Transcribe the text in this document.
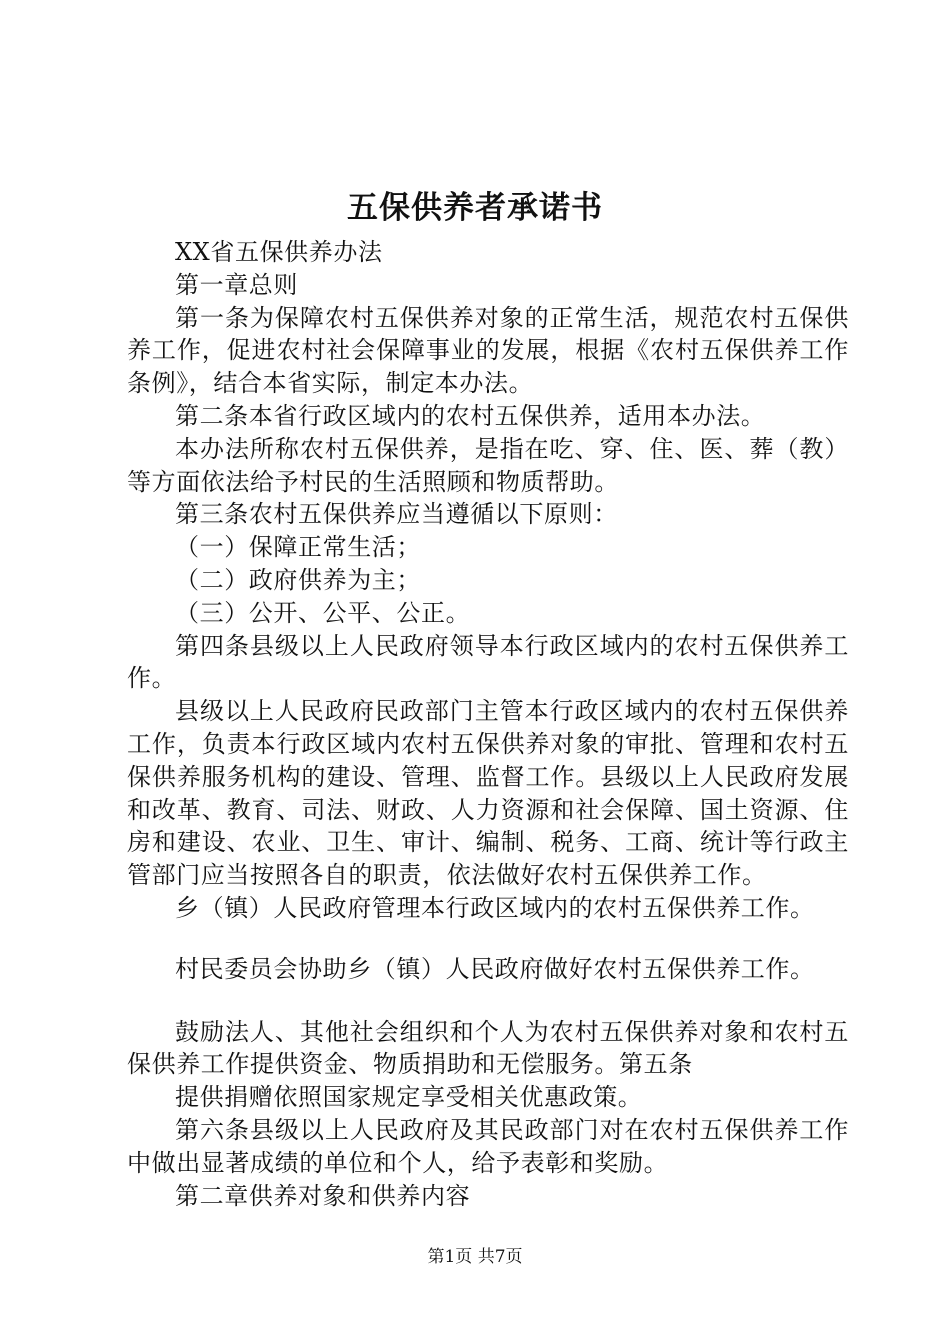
五保供养者承诺书

XX省五保供养办法

第一章总则

第一条为保障农村五保供养对象的正常生活，规范农村五保供养工作，促进农村社会保障事业的发展，根据《农村五保供养工作条例》，结合本省实际，制定本办法。

第二条本省行政区域内的农村五保供养，适用本办法。

本办法所称农村五保供养，是指在吃、穿、住、医、葬（教）等方面依法给予村民的生活照顾和物质帮助。

第三条农村五保供养应当遵循以下原则：

（一）保障正常生活；

（二）政府供养为主；

（三）公开、公平、公正。

第四条县级以上人民政府领导本行政区域内的农村五保供养工作。

县级以上人民政府民政部门主管本行政区域内的农村五保供养工作，负责本行政区域内农村五保供养对象的审批、管理和农村五保供养服务机构的建设、管理、监督工作。县级以上人民政府发展和改革、教育、司法、财政、人力资源和社会保障、国土资源、住房和建设、农业、卫生、审计、编制、税务、工商、统计等行政主管部门应当按照各自的职责，依法做好农村五保供养工作。

乡（镇）人民政府管理本行政区域内的农村五保供养工作。

村民委员会协助乡（镇）人民政府做好农村五保供养工作。

鼓励法人、其他社会组织和个人为农村五保供养对象和农村五保供养工作提供资金、物质捐助和无偿服务。第五条

提供捐赠依照国家规定享受相关优惠政策。

第六条县级以上人民政府及其民政部门对在农村五保供养工作中做出显著成绩的单位和个人，给予表彰和奖励。

第二章供养对象和供养内容

第1页 共7页
